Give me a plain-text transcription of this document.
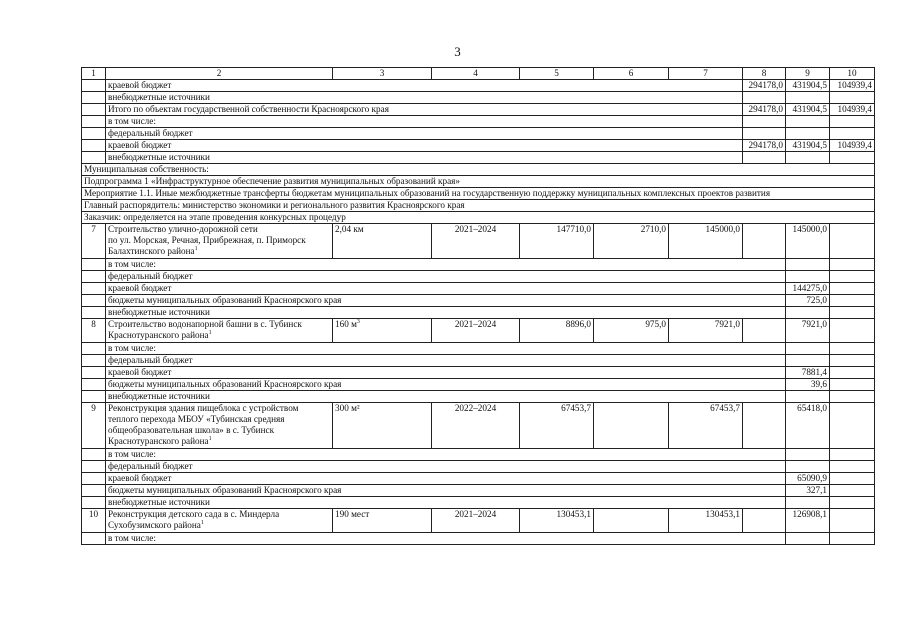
3
1	2	3	4	5	6	7	8	9	10
	краевой бюджет						294178,0	431904,5	104939,4
	внебюджетные источники								
	Итого по объектам государственной собственности Красноярского края						294178,0	431904,5	104939,4
	в том числе:								
	федеральный бюджет								
	краевой бюджет						294178,0	431904,5	104939,4
	внебюджетные источники								
Муниципальная собственность:									
Подпрограмма 1 «Инфраструктурное обеспечение развития муниципальных образований края»									
Мероприятие 1.1. Иные межбюджетные трансферты бюджетам муниципальных образований на государственную поддержку муниципальных комплексных проектов развития									
Главный распорядитель: министерство экономики и регионального развития Красноярского края									
Заказчик: определяется на этапе проведения конкурсных процедур									
7	Строительство улично-дорожной сети
по ул. Морская, Речная, Прибрежная, п. Приморск
Балахтинского района$^1$	2,04 км	2021–2024	147710,0	2710,0	145000,0		145000,0	
	в том числе:								
	федеральный бюджет								
	краевой бюджет							144275,0	
	бюджеты муниципальных образований Красноярского края							725,0	
	внебюджетные источники								
8	Строительство водонапорной башни в с. Тубинск
Краснотуранского района$^1$	160 $м^3$	2021–2024	8896,0	975,0	7921,0		7921,0	
	в том числе:								
	федеральный бюджет								
	краевой бюджет							7881,4	
	бюджеты муниципальных образований Красноярского края							39,6	
	внебюджетные источники								
9	Реконструкция здания пищеблока с устройством
теплого перехода МБОУ «Тубинская средняя
общеобразовательная школа» в с. Тубинск
Краснотуранского района$^1$	300 м²	2022–2024	67453,7		67453,7		65418,0	
	в том числе:								
	федеральный бюджет								
	краевой бюджет							65090,9	
	бюджеты муниципальных образований Красноярского края							327,1	
	внебюджетные источники								
10	Реконструкция детского сада в с. Миндерла
Сухобузимского района$^1$	190 мест	2021–2024	130453,1		130453,1		126908,1	
	в том числе:								
